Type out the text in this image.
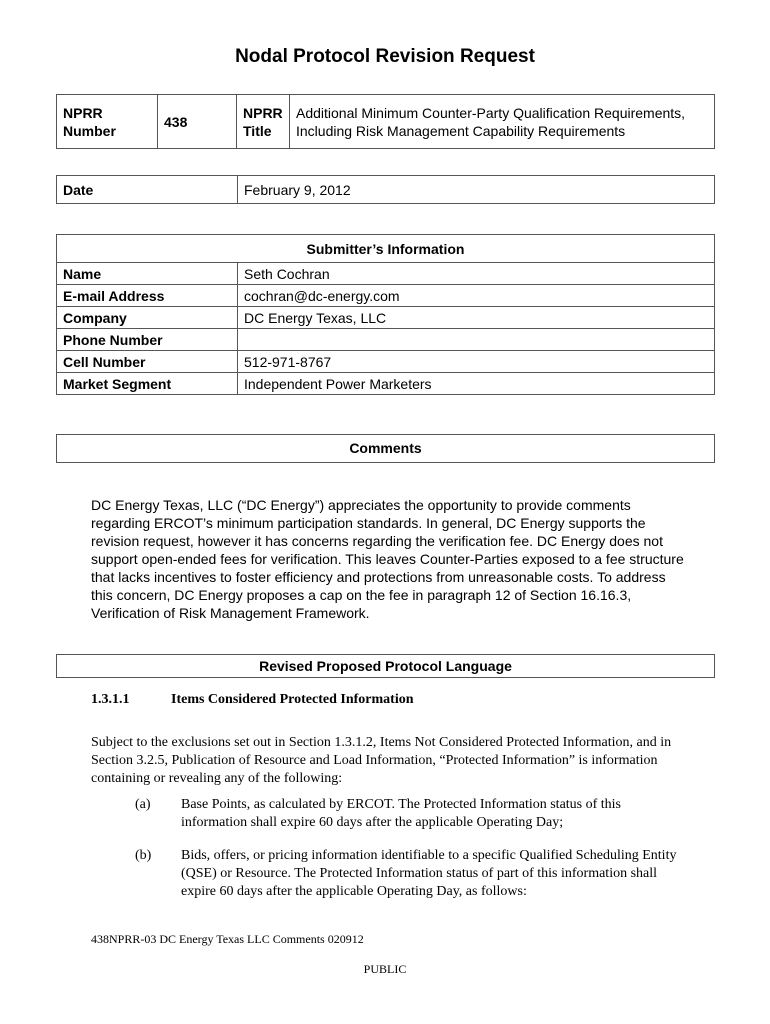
Nodal Protocol Revision Request
NPRR Number	438	NPRR Title	Additional Minimum Counter-Party Qualification Requirements, Including Risk Management Capability Requirements
Date	February 9, 2012
Submitter’s Information	
Name	Seth Cochran
E-mail Address	cochran@dc-energy.com
Company	DC Energy Texas, LLC
Phone Number	
Cell Number	512-971-8767
Market Segment	Independent Power Marketers
Comments
DC Energy Texas, LLC (“DC Energy”) appreciates the opportunity to provide comments regarding ERCOT’s minimum participation standards. In general, DC Energy supports the revision request, however it has concerns regarding the verification fee. DC Energy does not support open-ended fees for verification. This leaves Counter-Parties exposed to a fee structure that lacks incentives to foster efficiency and protections from unreasonable costs. To address this concern, DC Energy proposes a cap on the fee in paragraph 12 of Section 16.16.3, Verification of Risk Management Framework.
Revised Proposed Protocol Language
1.3.1.1	Items Considered Protected Information
Subject to the exclusions set out in Section 1.3.1.2, Items Not Considered Protected Information, and in Section 3.2.5, Publication of Resource and Load Information, “Protected Information” is information containing or revealing any of the following:
(a) Base Points, as calculated by ERCOT. The Protected Information status of this information shall expire 60 days after the applicable Operating Day;
(b) Bids, offers, or pricing information identifiable to a specific Qualified Scheduling Entity (QSE) or Resource. The Protected Information status of part of this information shall expire 60 days after the applicable Operating Day, as follows:
438NPRR-03 DC Energy Texas LLC Comments 020912
PUBLIC
